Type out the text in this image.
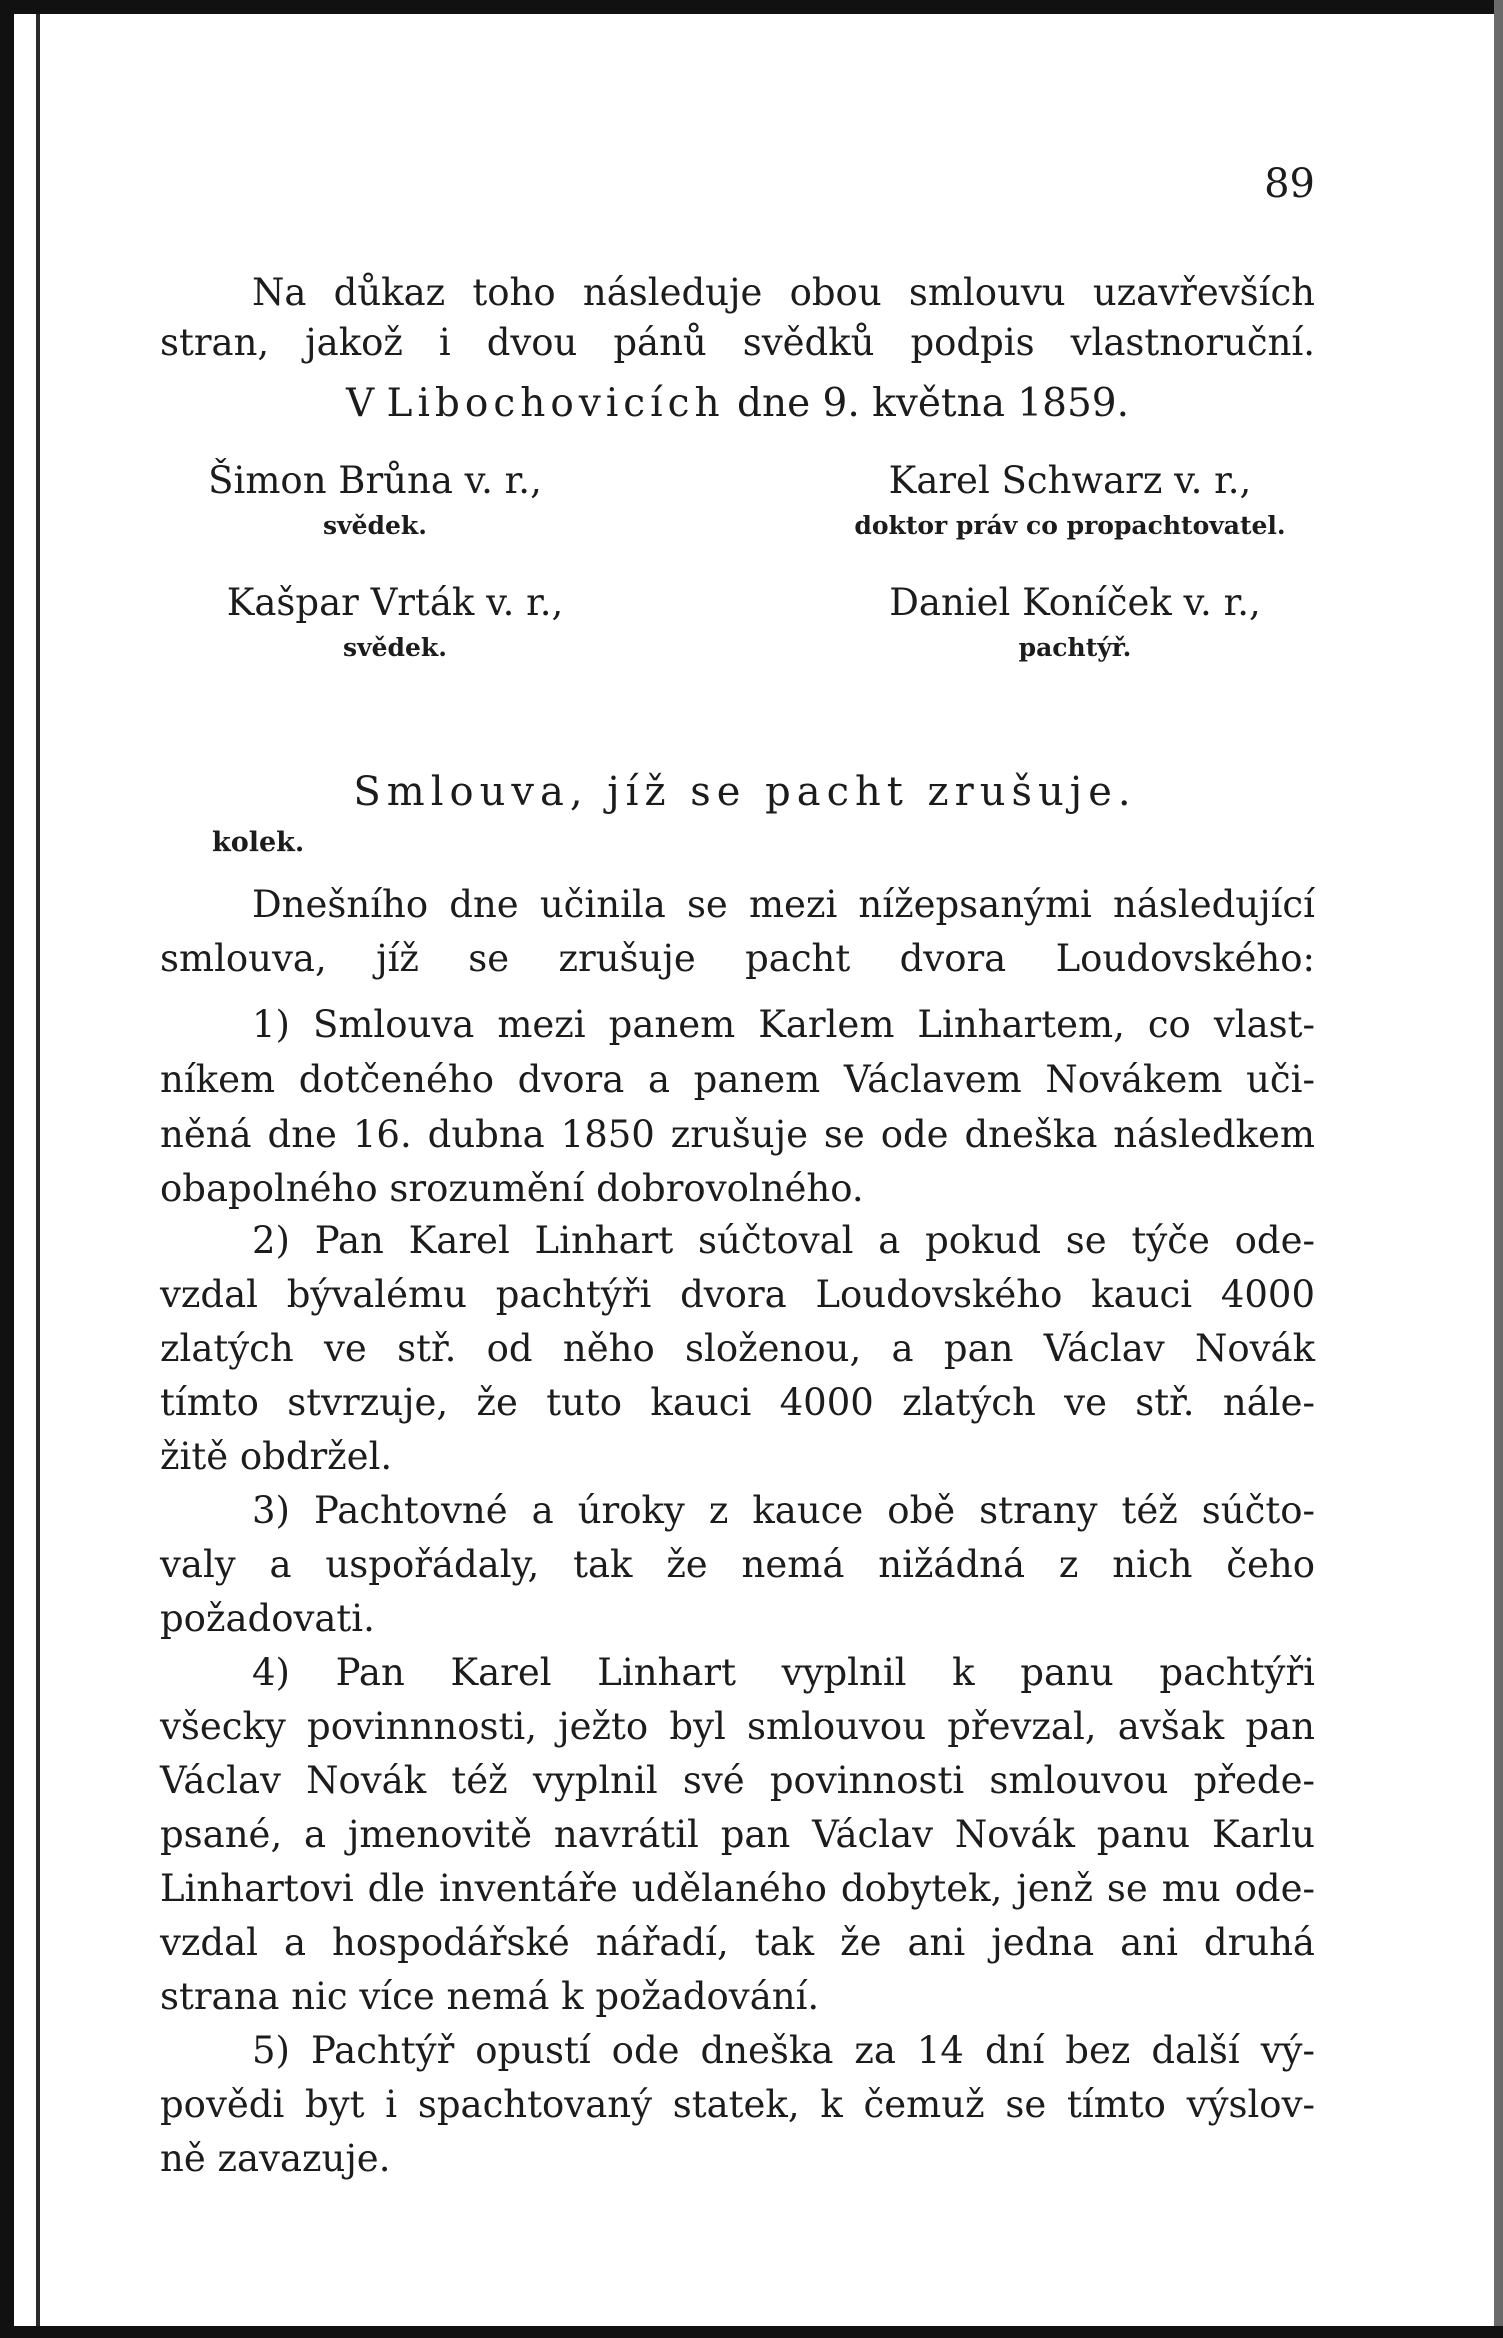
89
Na důkaz toho následuje obou smlouvu uzavřevších
stran, jakož i dvou pánů svědků podpis vlastnoruční.
V Libochovicích dne 9. května 1859.
Šimon Brůna v. r.,
svědek.
Karel Schwarz v. r.,
doktor práv co propachtovatel.
Kašpar Vrták v. r.,
svědek.
Daniel Koníček v. r.,
pachtýř.
Smlouva, jíž se pacht zrušuje.
kolek.
Dnešního dne učinila se mezi nížepsanými následující
smlouva, jíž se zrušuje pacht dvora Loudovského:
1) Smlouva mezi panem Karlem Linhartem, co vlast-
níkem dotčeného dvora a panem Václavem Novákem uči-
něná dne 16. dubna 1850 zrušuje se ode dneška následkem
obapolného srozumění dobrovolného.
2) Pan Karel Linhart súčtoval a pokud se týče ode-
vzdal bývalému pachtýři dvora Loudovského kauci 4000
zlatých ve stř. od něho složenou, a pan Václav Novák
tímto stvrzuje, že tuto kauci 4000 zlatých ve stř. nále-
žitě obdržel.
3) Pachtovné a úroky z kauce obě strany též súčto-
valy a uspořádaly, tak že nemá nižádná z nich čeho
požadovati.
4) Pan Karel Linhart vyplnil k panu pachtýři
všecky povinnnosti, ježto byl smlouvou převzal, avšak pan
Václav Novák též vyplnil své povinnosti smlouvou přede-
psané, a jmenovitě navrátil pan Václav Novák panu Karlu
Linhartovi dle inventáře udělaného dobytek, jenž se mu ode-
vzdal a hospodářské nářadí, tak že ani jedna ani druhá
strana nic více nemá k požadování.
5) Pachtýř opustí ode dneška za 14 dní bez další vý-
povědi byt i spachtovaný statek, k čemuž se tímto výslov-
ně zavazuje.
